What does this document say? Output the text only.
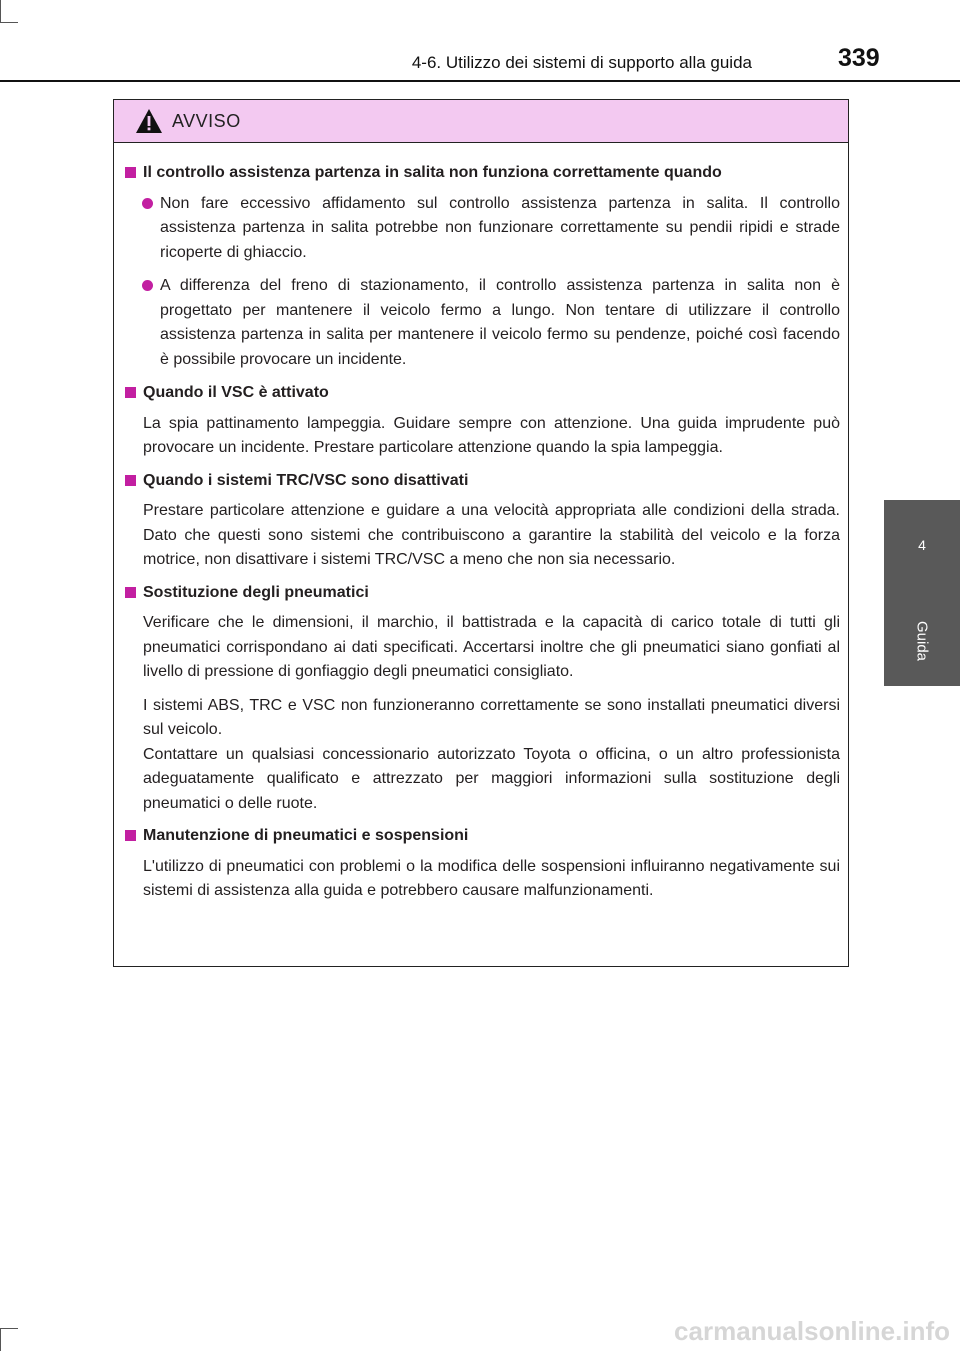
4-6. Utilizzo dei sistemi di supporto alla guida	339
4
Guida
AVVISO
Il controllo assistenza partenza in salita non funziona correttamente quando
Non fare eccessivo affidamento sul controllo assistenza partenza in salita. Il controllo assistenza partenza in salita potrebbe non funzionare correttamente su pendii ripidi e strade ricoperte di ghiaccio.
A differenza del freno di stazionamento, il controllo assistenza partenza in salita non è progettato per mantenere il veicolo fermo a lungo. Non tentare di utilizzare il controllo assistenza partenza in salita per mantenere il veicolo fermo su pendenze, poiché così facendo è possibile provocare un incidente.
Quando il VSC è attivato
La spia pattinamento lampeggia. Guidare sempre con attenzione. Una guida imprudente può provocare un incidente. Prestare particolare attenzione quando la spia lampeggia.
Quando i sistemi TRC/VSC sono disattivati
Prestare particolare attenzione e guidare a una velocità appropriata alle condizioni della strada. Dato che questi sono sistemi che contribuiscono a garantire la stabilità del veicolo e la forza motrice, non disattivare i sistemi TRC/VSC a meno che non sia necessario.
Sostituzione degli pneumatici
Verificare che le dimensioni, il marchio, il battistrada e la capacità di carico totale di tutti gli pneumatici corrispondano ai dati specificati. Accertarsi inoltre che gli pneumatici siano gonfiati al livello di pressione di gonfiaggio degli pneumatici consigliato.
I sistemi ABS, TRC e VSC non funzioneranno correttamente se sono installati pneumatici diversi sul veicolo.
Contattare un qualsiasi concessionario autorizzato Toyota o officina, o un altro professionista adeguatamente qualificato e attrezzato per maggiori informazioni sulla sostituzione degli pneumatici o delle ruote.
Manutenzione di pneumatici e sospensioni
L'utilizzo di pneumatici con problemi o la modifica delle sospensioni influiranno negativamente sui sistemi di assistenza alla guida e potrebbero causare malfunzionamenti.
carmanualsonline.info
